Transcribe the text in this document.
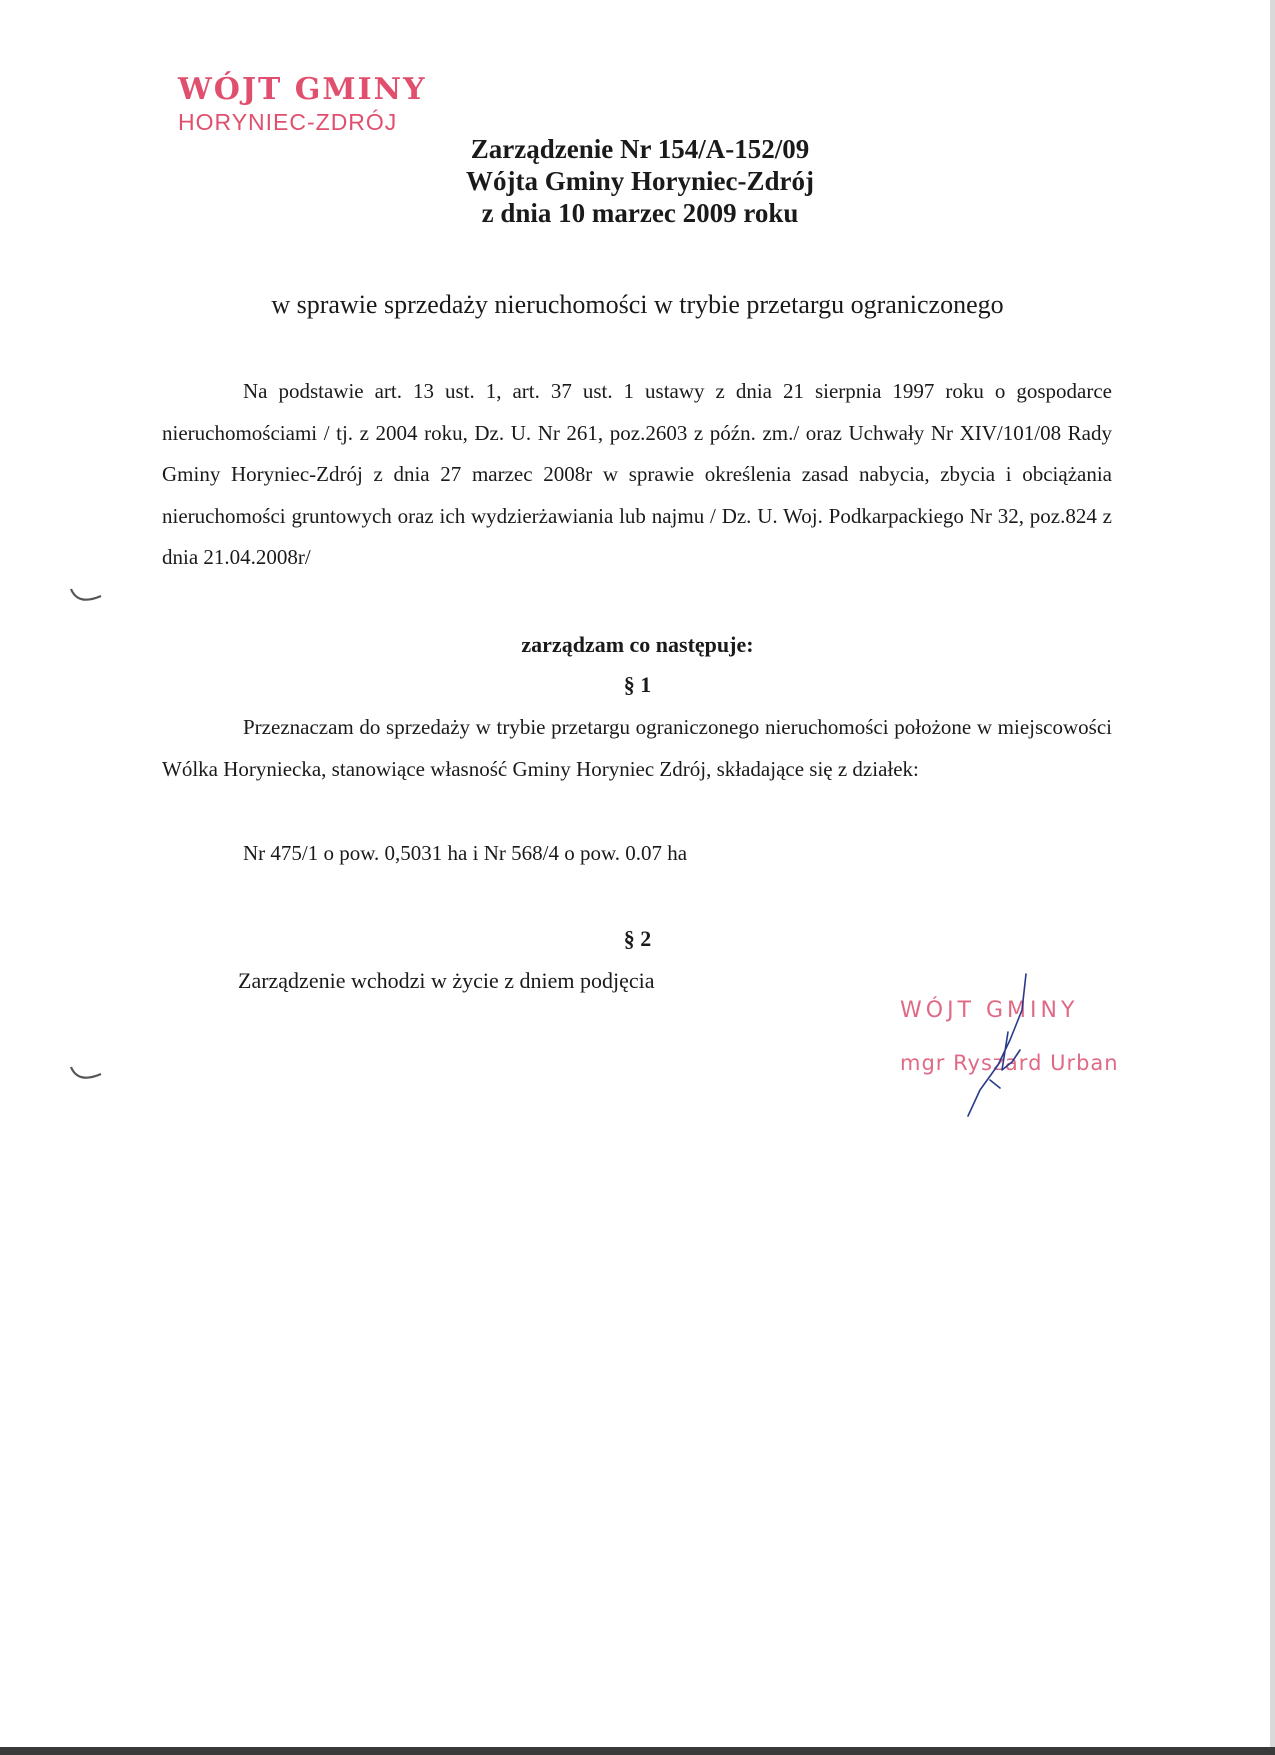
WÓJT GMINY
HORYNIEC-ZDRÓJ
Zarządzenie Nr 154/A-152/09
Wójta Gminy Horyniec-Zdrój
z dnia 10 marzec 2009 roku
w sprawie sprzedaży nieruchomości w trybie przetargu ograniczonego
Na podstawie art. 13 ust. 1, art. 37 ust. 1 ustawy z dnia 21 sierpnia 1997 roku o gospodarce nieruchomościami / tj. z 2004 roku, Dz. U. Nr 261, poz.2603 z późn. zm./ oraz Uchwały Nr XIV/101/08 Rady Gminy Horyniec-Zdrój z dnia 27 marzec 2008r w sprawie określenia zasad nabycia, zbycia i obciążania nieruchomości gruntowych oraz ich wydzierżawiania lub najmu / Dz. U. Woj. Podkarpackiego Nr 32, poz.824 z dnia 21.04.2008r/
zarządzam co następuje:
§ 1
Przeznaczam do sprzedaży w trybie przetargu ograniczonego nieruchomości położone w miejscowości Wólka Horyniecka, stanowiące własność Gminy Horyniec Zdrój, składające się z działek:
Nr 475/1 o pow. 0,5031 ha i Nr 568/4 o pow. 0.07 ha
§ 2
Zarządzenie wchodzi w życie z dniem podjęcia
WÓJT GMINY
mgr Ryszard Urban
